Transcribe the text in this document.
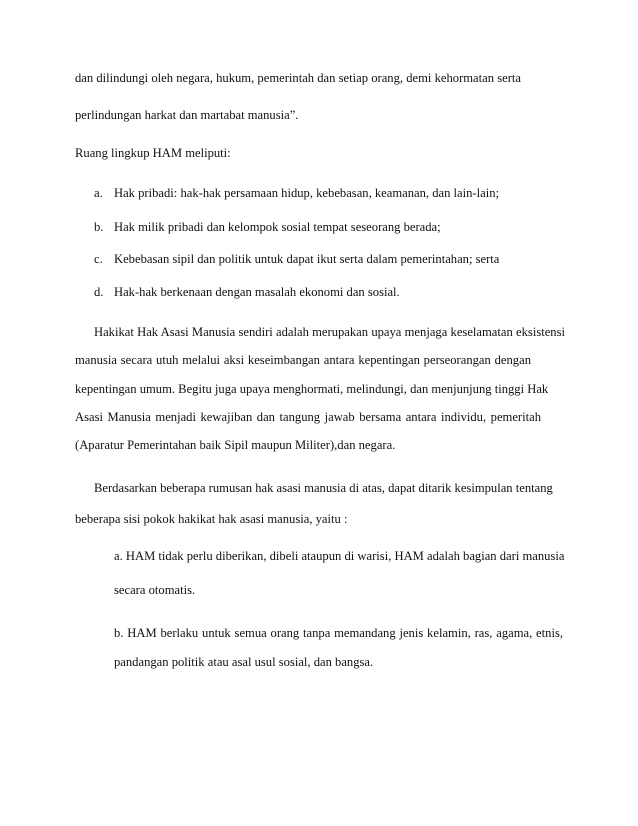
dan dilindungi oleh negara, hukum, pemerintah dan setiap orang, demi kehormatan serta
perlindungan harkat dan martabat manusia”.
Ruang lingkup HAM meliputi:
a. Hak pribadi: hak-hak persamaan hidup, kebebasan, keamanan, dan lain-lain;
b. Hak milik pribadi dan kelompok sosial tempat seseorang berada;
c. Kebebasan sipil dan politik untuk dapat ikut serta dalam pemerintahan; serta
d. Hak-hak berkenaan dengan masalah ekonomi dan sosial.
Hakikat Hak Asasi Manusia sendiri adalah merupakan upaya menjaga keselamatan eksistensi
manusia secara utuh melalui aksi keseimbangan antara kepentingan perseorangan dengan
kepentingan umum. Begitu juga upaya menghormati, melindungi, dan menjunjung tinggi Hak
Asasi Manusia menjadi kewajiban dan tangung jawab bersama antara individu, pemeritah
(Aparatur Pemerintahan baik Sipil maupun Militer),dan negara.
Berdasarkan beberapa rumusan hak asasi manusia di atas, dapat ditarik kesimpulan tentang
beberapa sisi pokok hakikat hak asasi manusia, yaitu :
a. HAM tidak perlu diberikan, dibeli ataupun di warisi, HAM adalah bagian dari manusia
secara otomatis.
b. HAM berlaku untuk semua orang tanpa memandang jenis kelamin, ras, agama, etnis,
pandangan politik atau asal usul sosial, dan bangsa.
